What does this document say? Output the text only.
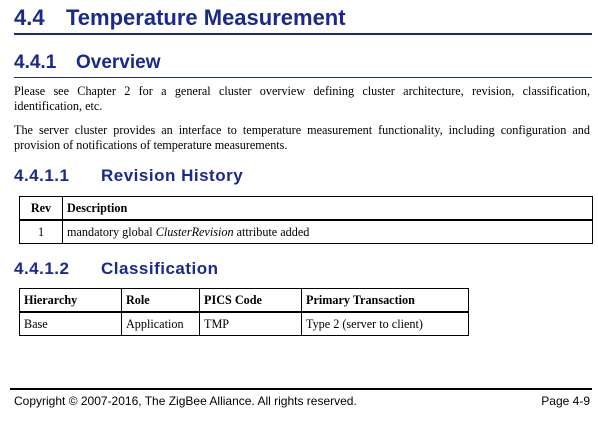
4.4 Temperature Measurement
4.4.1 Overview
Please see Chapter 2 for a general cluster overview defining cluster architecture, revision, classification, identification, etc.
The server cluster provides an interface to temperature measurement functionality, including configuration and provision of notifications of temperature measurements.
4.4.1.1 Revision History
Rev	Description
1	mandatory global ClusterRevision attribute added
4.4.1.2 Classification
Hierarchy	Role	PICS Code	Primary Transaction
Base	Application	TMP	Type 2 (server to client)
Copyright © 2007-2016, The ZigBee Alliance. All rights reserved.	Page 4-9
